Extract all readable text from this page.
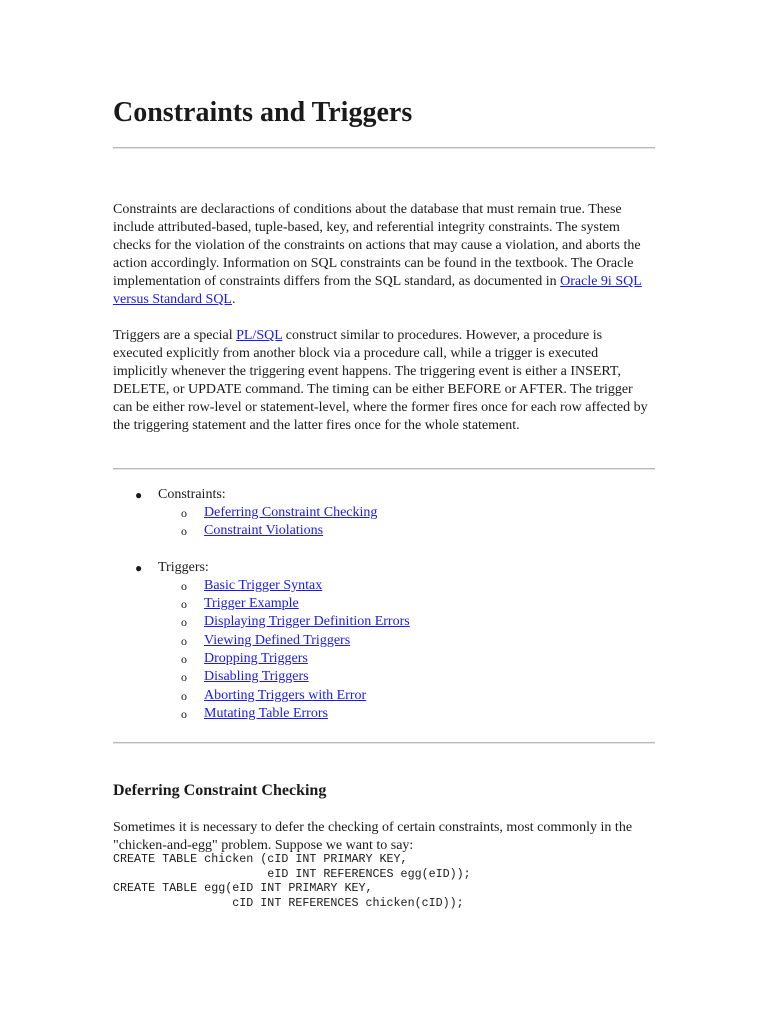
Constraints and Triggers

Constraints are declaractions of conditions about the database that must remain true. These include attributed-based, tuple-based, key, and referential integrity constraints. The system checks for the violation of the constraints on actions that may cause a violation, and aborts the action accordingly. Information on SQL constraints can be found in the textbook. The Oracle implementation of constraints differs from the SQL standard, as documented in Oracle 9i SQL versus Standard SQL.

Triggers are a special PL/SQL construct similar to procedures. However, a procedure is executed explicitly from another block via a procedure call, while a trigger is executed implicitly whenever the triggering event happens. The triggering event is either a INSERT, DELETE, or UPDATE command. The timing can be either BEFORE or AFTER. The trigger can be either row-level or statement-level, where the former fires once for each row affected by the triggering statement and the latter fires once for the whole statement.

● Constraints:
o Deferring Constraint Checking
o Constraint Violations
● Triggers:
o Basic Trigger Syntax
o Trigger Example
o Displaying Trigger Definition Errors
o Viewing Defined Triggers
o Dropping Triggers
o Disabling Triggers
o Aborting Triggers with Error
o Mutating Table Errors
Deferring Constraint Checking

Sometimes it is necessary to defer the checking of certain constraints, most commonly in the "chicken-and-egg" problem. Suppose we want to say:

CREATE TABLE chicken (cID INT PRIMARY KEY,
eID INT REFERENCES egg(eID));
CREATE TABLE egg(eID INT PRIMARY KEY,
cID INT REFERENCES chicken(cID));
